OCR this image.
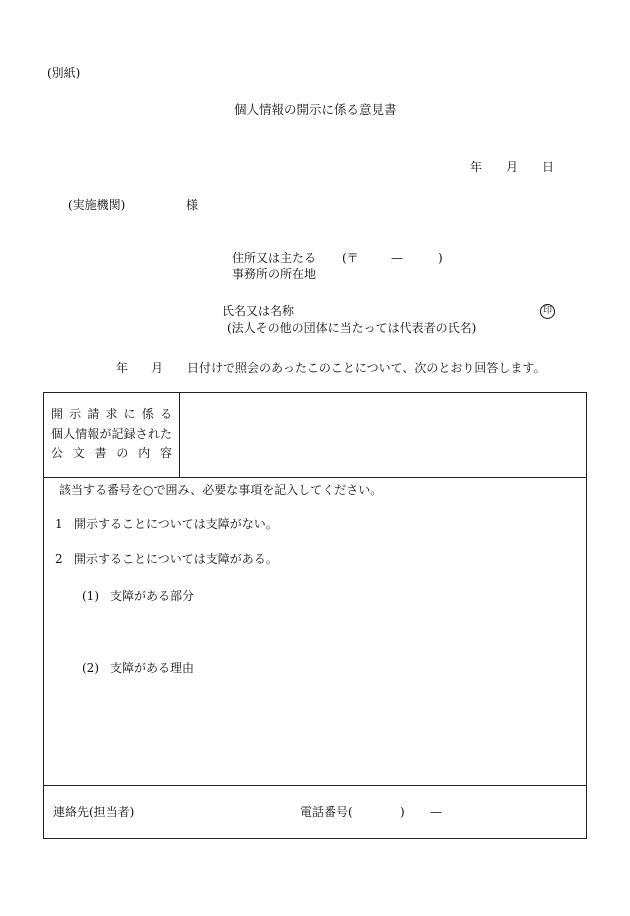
(別紙)
個人情報の開示に係る意見書
年 月 日
(実施機関)	様
住所又は主たる
事務所の所在地
(〒	—	)
氏名又は名称	印
(法人その他の団体に当たっては代表者の氏名)
年 月 日付けで照会のあったこのことについて、次のとおり回答します。
開 示 請 求 に 係 る
個 人 情 報 が 記 録 さ れ た
公 文 書 の 内 容
該当する番号を○で囲み、必要な事項を記入してください。
1 開示することについては支障がない。
2 開示することについては支障がある。
(1) 支障がある部分
(2) 支障がある理由
連絡先(担当者)	電話番号(	) —
